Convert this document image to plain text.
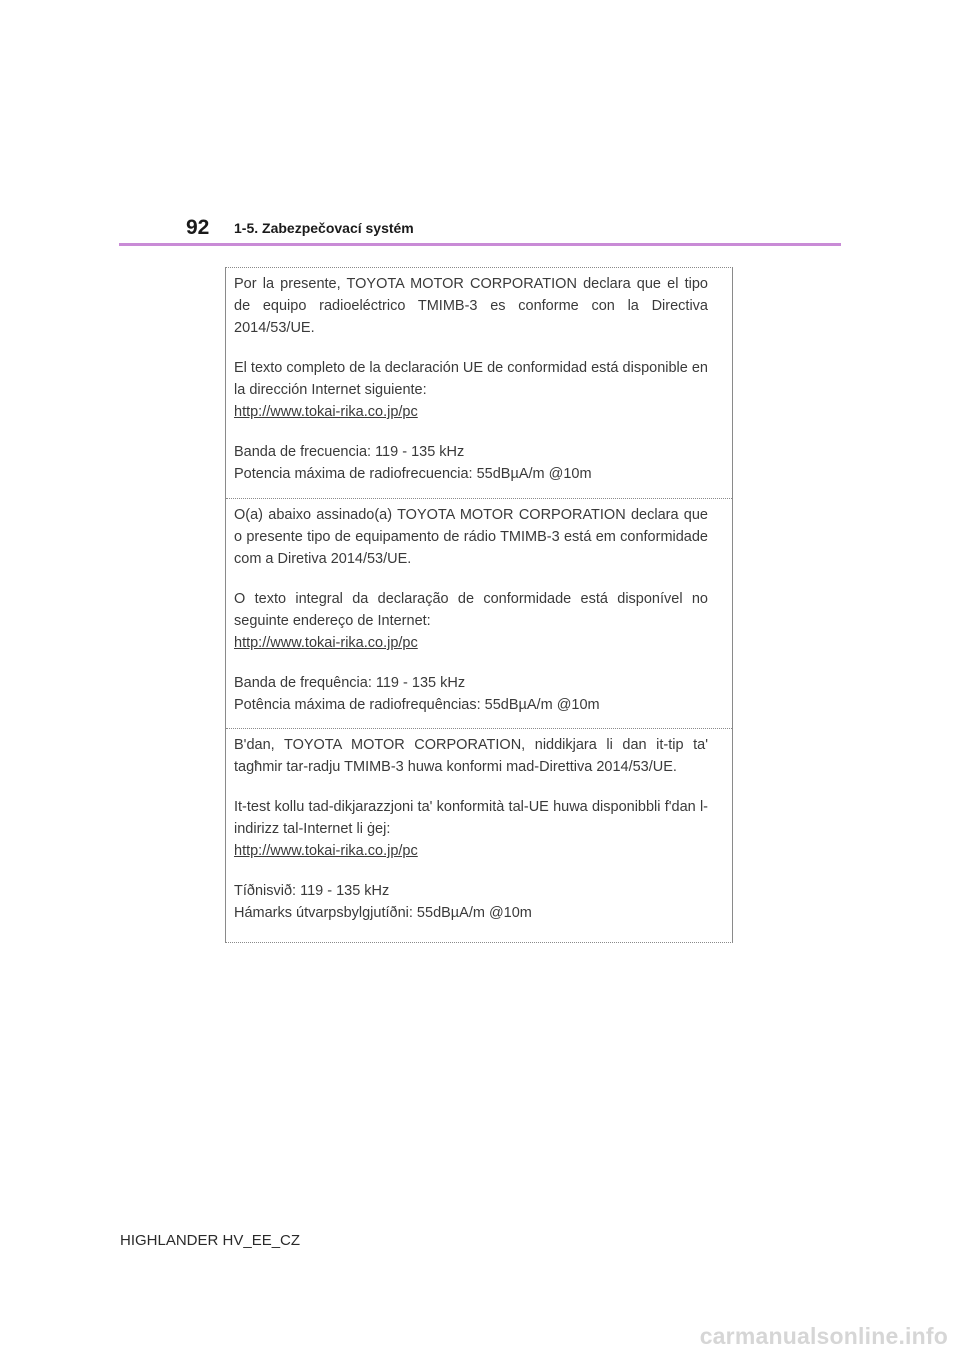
92 1-5. Zabezpečovací systém

Por la presente, TOYOTA MOTOR CORPORATION declara que el tipo de equipo radioeléctrico TMIMB-3 es conforme con la Directiva 2014/53/UE.

El texto completo de la declaración UE de conformidad está disponible en la dirección Internet siguiente:

http://www.tokai-rika.co.jp/pc

Banda de frecuencia: 119 - 135 kHz

Potencia máxima de radiofrecuencia: 55dBµA/m @10m

O(a) abaixo assinado(a) TOYOTA MOTOR CORPORATION declara que o presente tipo de equipamento de rádio TMIMB-3 está em conformidade com a Diretiva 2014/53/UE.

O texto integral da declaração de conformidade está disponível no seguinte endereço de Internet:

http://www.tokai-rika.co.jp/pc

Banda de frequência: 119 - 135 kHz

Potência máxima de radiofrequências: 55dBµA/m @10m

B'dan, TOYOTA MOTOR CORPORATION, niddikjara li dan it-tip ta' tagħmir tar-radju TMIMB-3 huwa konformi mad-Direttiva 2014/53/UE.

It-test kollu tad-dikjarazzjoni ta' konformità tal-UE huwa disponibbli f'dan l-indirizz tal-Internet li ġej:

http://www.tokai-rika.co.jp/pc

Tíðnisvið: 119 - 135 kHz

Hámarks útvarpsbylgjutíðni: 55dBµA/m @10m

HIGHLANDER HV_EE_CZ
carmanualsonline.info
